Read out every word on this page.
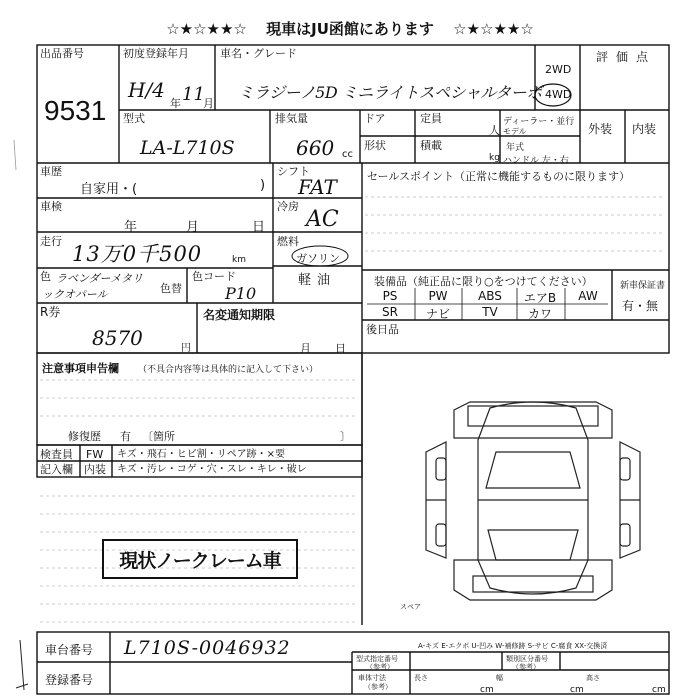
☆★☆★★☆ 現車はJU函館にあります ☆★☆★★☆
出品番号
9531
初度登録年月
H/4
年 11
月
車名・グレード
ミラジーノ5D ミニライトスペシャルターボ
2WD
4WD
評価点
型式
LA-L710S
排気量
660 cc
ドア	定員
人
ディーラー・並行
モデル
形状	積載
kg
年式
ハンドル 左・右
外装 内装
車歴
自家用・(	)
シフト
FAT
車検
年	月	日
冷房
AC
走行
13万0千500	km
燃料
ガソリン
軽油
色 ラベンダーメタリックオパール	色替
色コード
P10
R券
8570	円
名変通知期限
月 日
セールスポイント（正常に機能するものに限ります）
装備品（純正品に限り○をつけてください）
PS	PW	ABS	エアB	AW
SR	ナビ	TV	カワ
新車保証書
有・無
後日品
注意事項申告欄 （不具合内容等は具体的に記入して下さい）
修復歴 有 〔箇所	〕
検査員
記入欄
FW キズ・飛石・ヒビ割・リペア跡・×要
内装 キズ・汚レ・コゲ・穴・スレ・キレ・破レ
現状ノークレーム車
スペア
車台番号 L710S-0046932
登録番号
A-キズ E-エクボ U-凹み W-補修跡 S-サビ C-腐食 XX-交換済
型式指定番号
（参考）
類別区分番号
（参考）
車体寸法
（参考）
長さ
cm
幅
cm
高さ
cm
